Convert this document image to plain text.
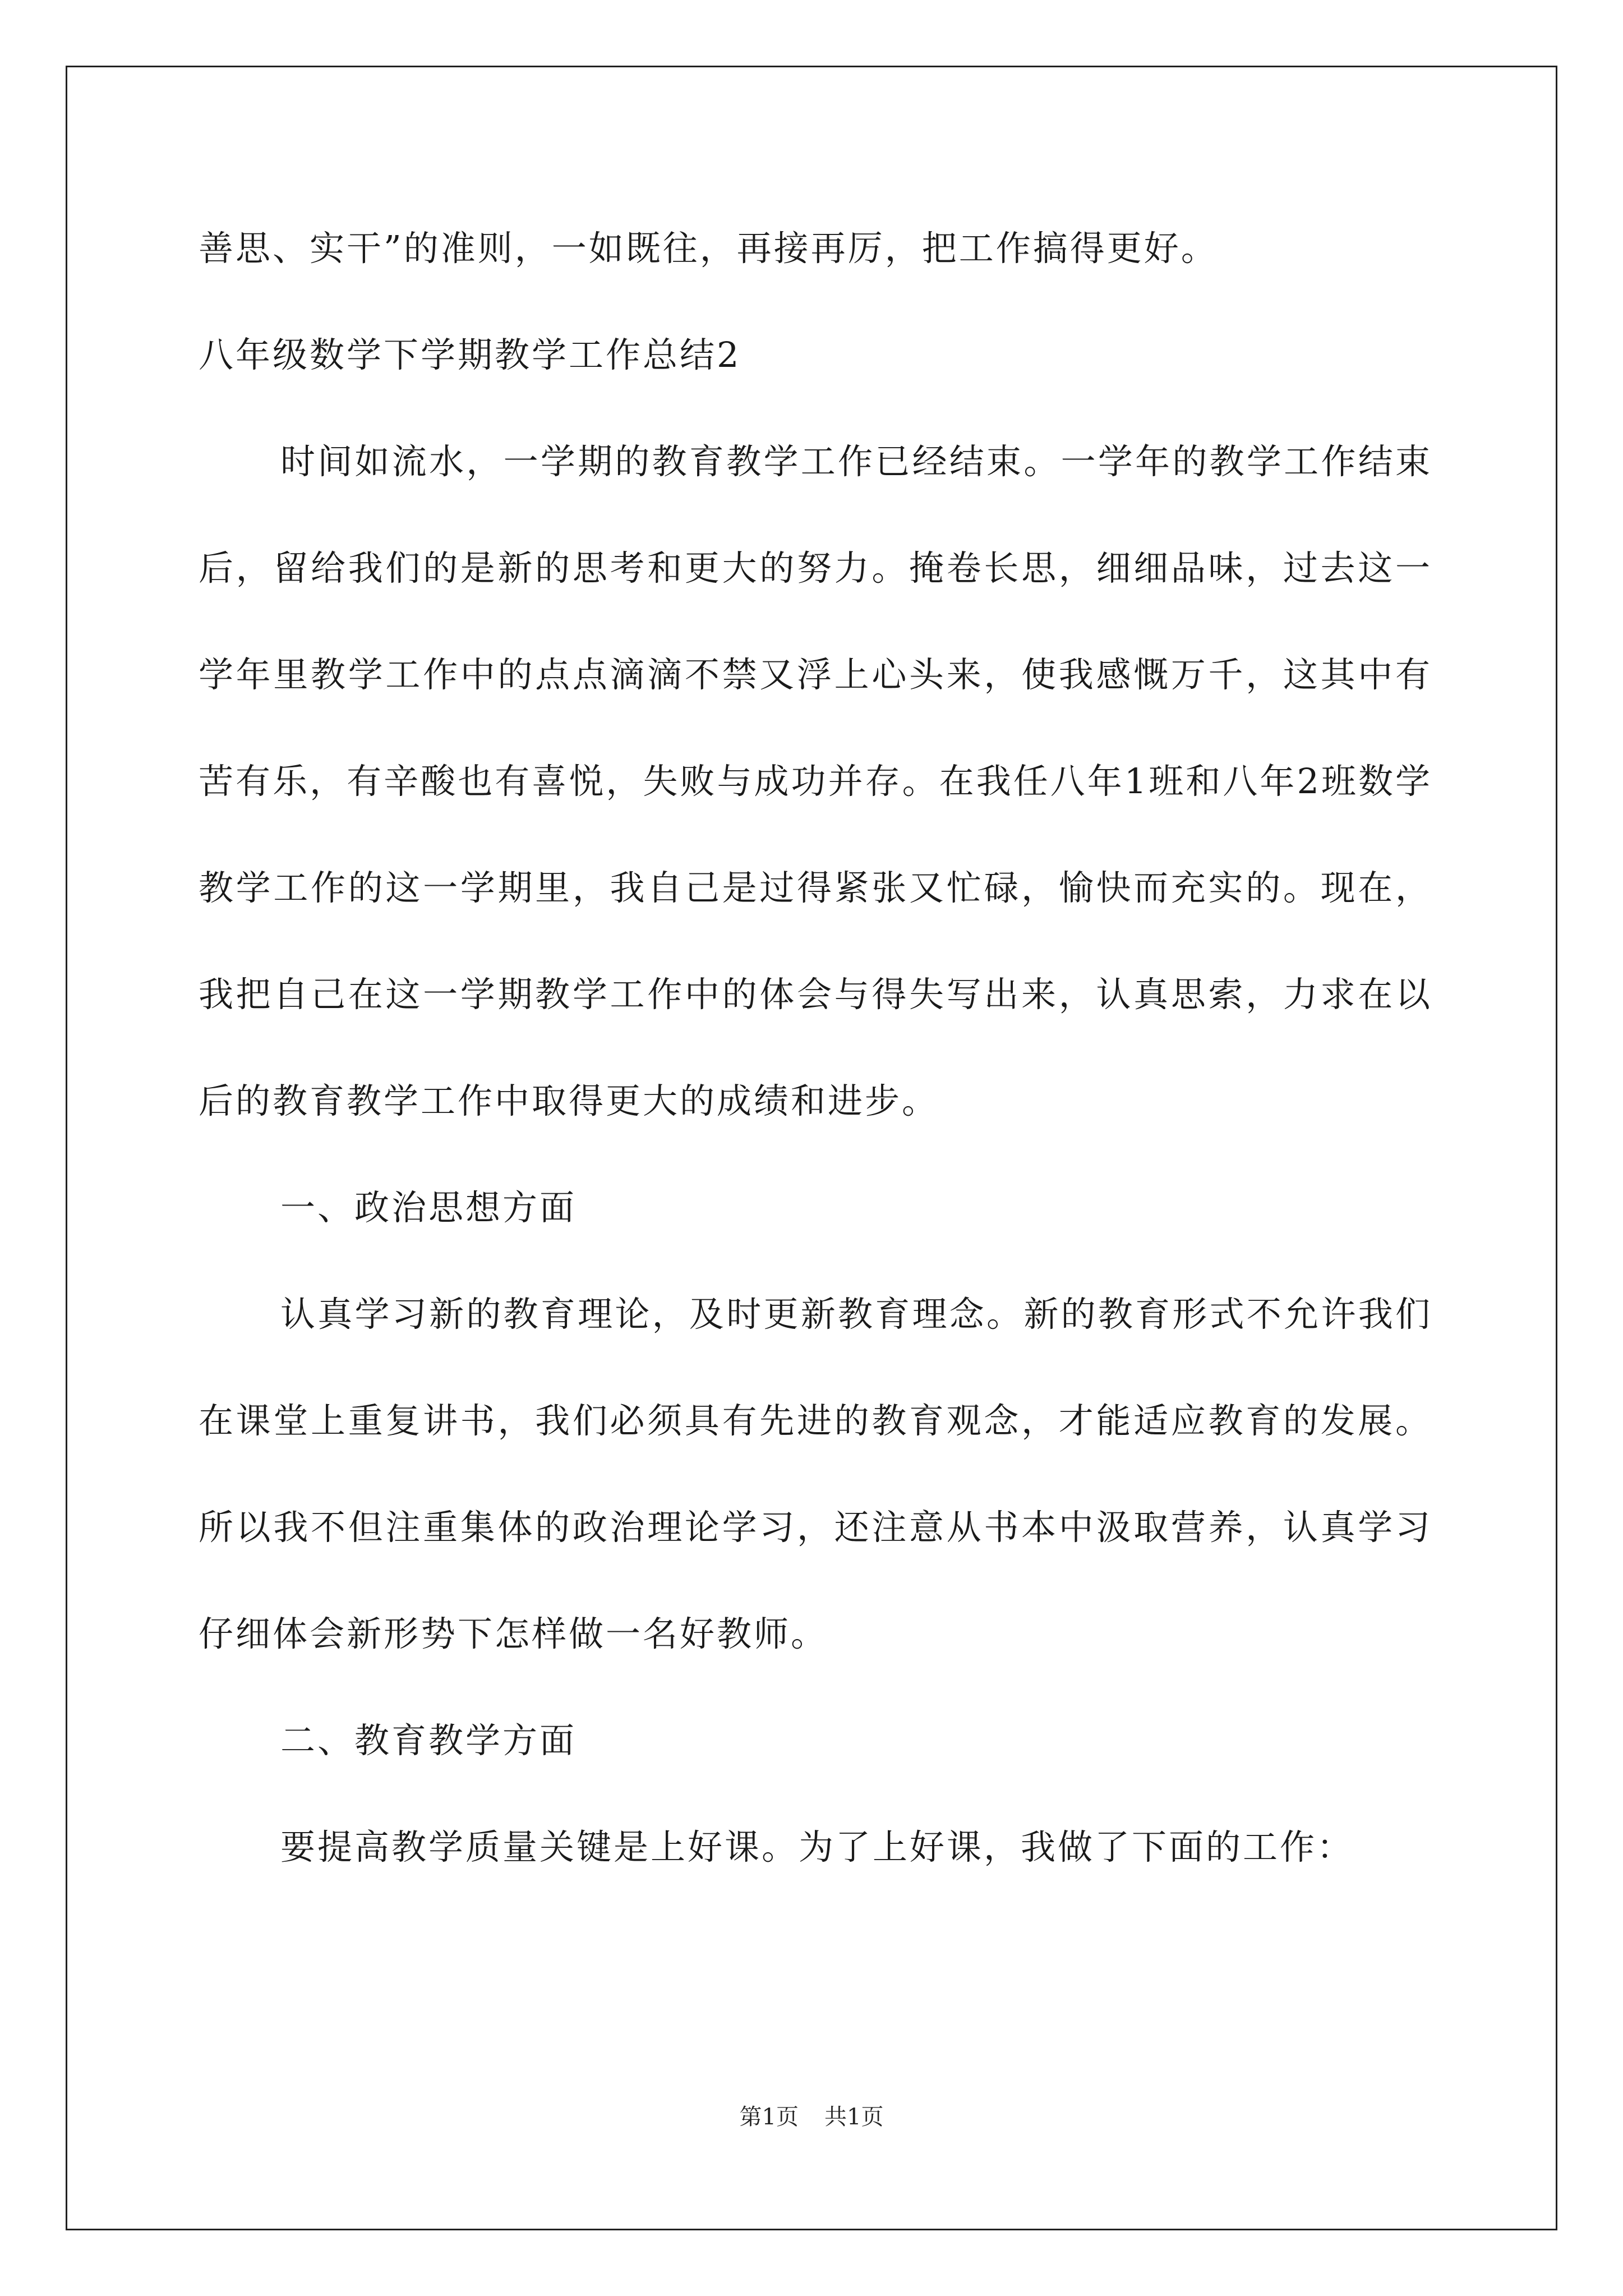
善思、实干”的准则，一如既往，再接再厉，把工作搞得更好。

八年级数学下学期教学工作总结2

时间如流水，一学期的教育教学工作已经结束。一学年的教学工作结束后，留给我们的是新的思考和更大的努力。掩卷长思，细细品味，过去这一学年里教学工作中的点点滴滴不禁又浮上心头来，使我感慨万千，这其中有苦有乐，有辛酸也有喜悦，失败与成功并存。在我任八年1班和八年2班数学教学工作的这一学期里，我自己是过得紧张又忙碌，愉快而充实的。现在，我把自己在这一学期教学工作中的体会与得失写出来，认真思索，力求在以后的教育教学工作中取得更大的成绩和进步。

一、政治思想方面

认真学习新的教育理论，及时更新教育理念。新的教育形式不允许我们在课堂上重复讲书，我们必须具有先进的教育观念，才能适应教育的发展。所以我不但注重集体的政治理论学习，还注意从书本中汲取营养，认真学习仔细体会新形势下怎样做一名好教师。

二、教育教学方面

要提高教学质量关键是上好课。为了上好课，我做了下面的工作：

第1页 共1页
